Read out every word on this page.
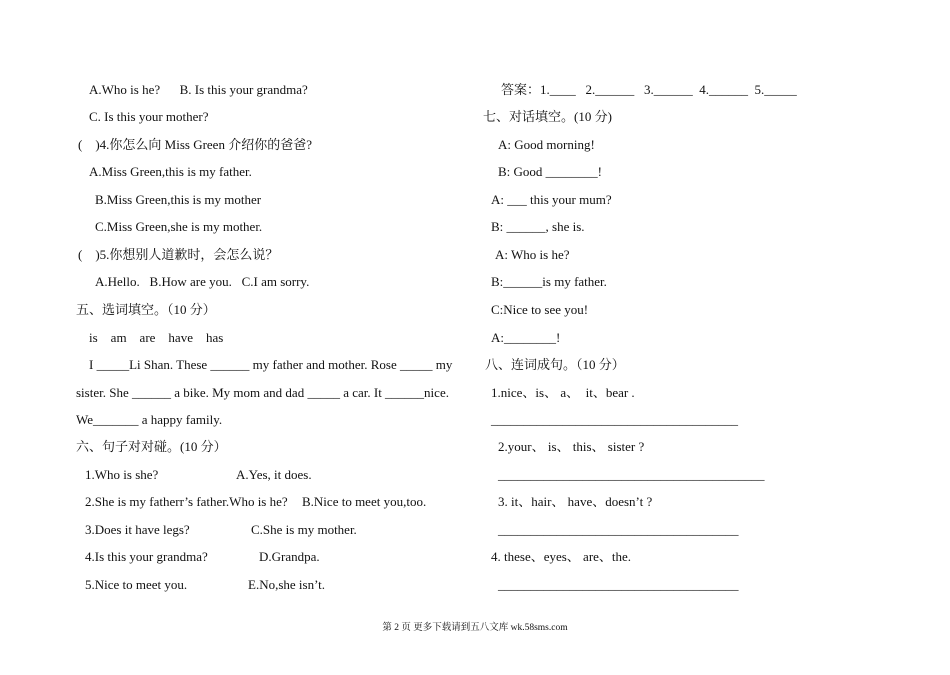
A.Who is he?      B. Is this your grandma?
C. Is this your mother?
(    )4.你怎么向 Miss Green 介绍你的爸爸?
A.Miss Green,this is my father.
B.Miss Green,this is my mother
C.Miss Green,she is my mother.
(    )5.你想别人道歉时，会怎么说？
A.Hello.   B.How are you.   C.I am sorry.
五、选词填空。（10 分）
is    am    are    have    has
I _____Li Shan. These ______ my father and mother. Rose _____ my
sister. She ______ a bike. My mom and dad _____ a car. It ______nice.
We_______ a happy family.
六、句子对对碰。(10 分）
1.Who is she?	A.Yes, it does.
2.She is my fatherr’s father.Who is he? B.Nice to meet you,too.
3.Does it have legs?	C.She is my mother.
4.Is this your grandma?	D.Grandpa.
5.Nice to meet you.	E.No,she isn’t.
答案：1.____   2.______   3.______  4.______  5._____
七、对话填空。(10 分)
A: Good morning!
B: Good ________!
A: ___ this your mum?
B: ______, she is.
A: Who is he?
B:______is my father.
C:Nice to see you!
A:________!
八、连词成句。（10 分）
1.nice、is、 a、  it、bear .
______________________________________
2.your、 is、 this、 sister ?
_________________________________________
3. it、hair、 have、doesn’t ?
_____________________________________
4. these、eyes、 are、the.
_____________________________________
第 2 页 更多下载请到五八文库 wk.58sms.com
